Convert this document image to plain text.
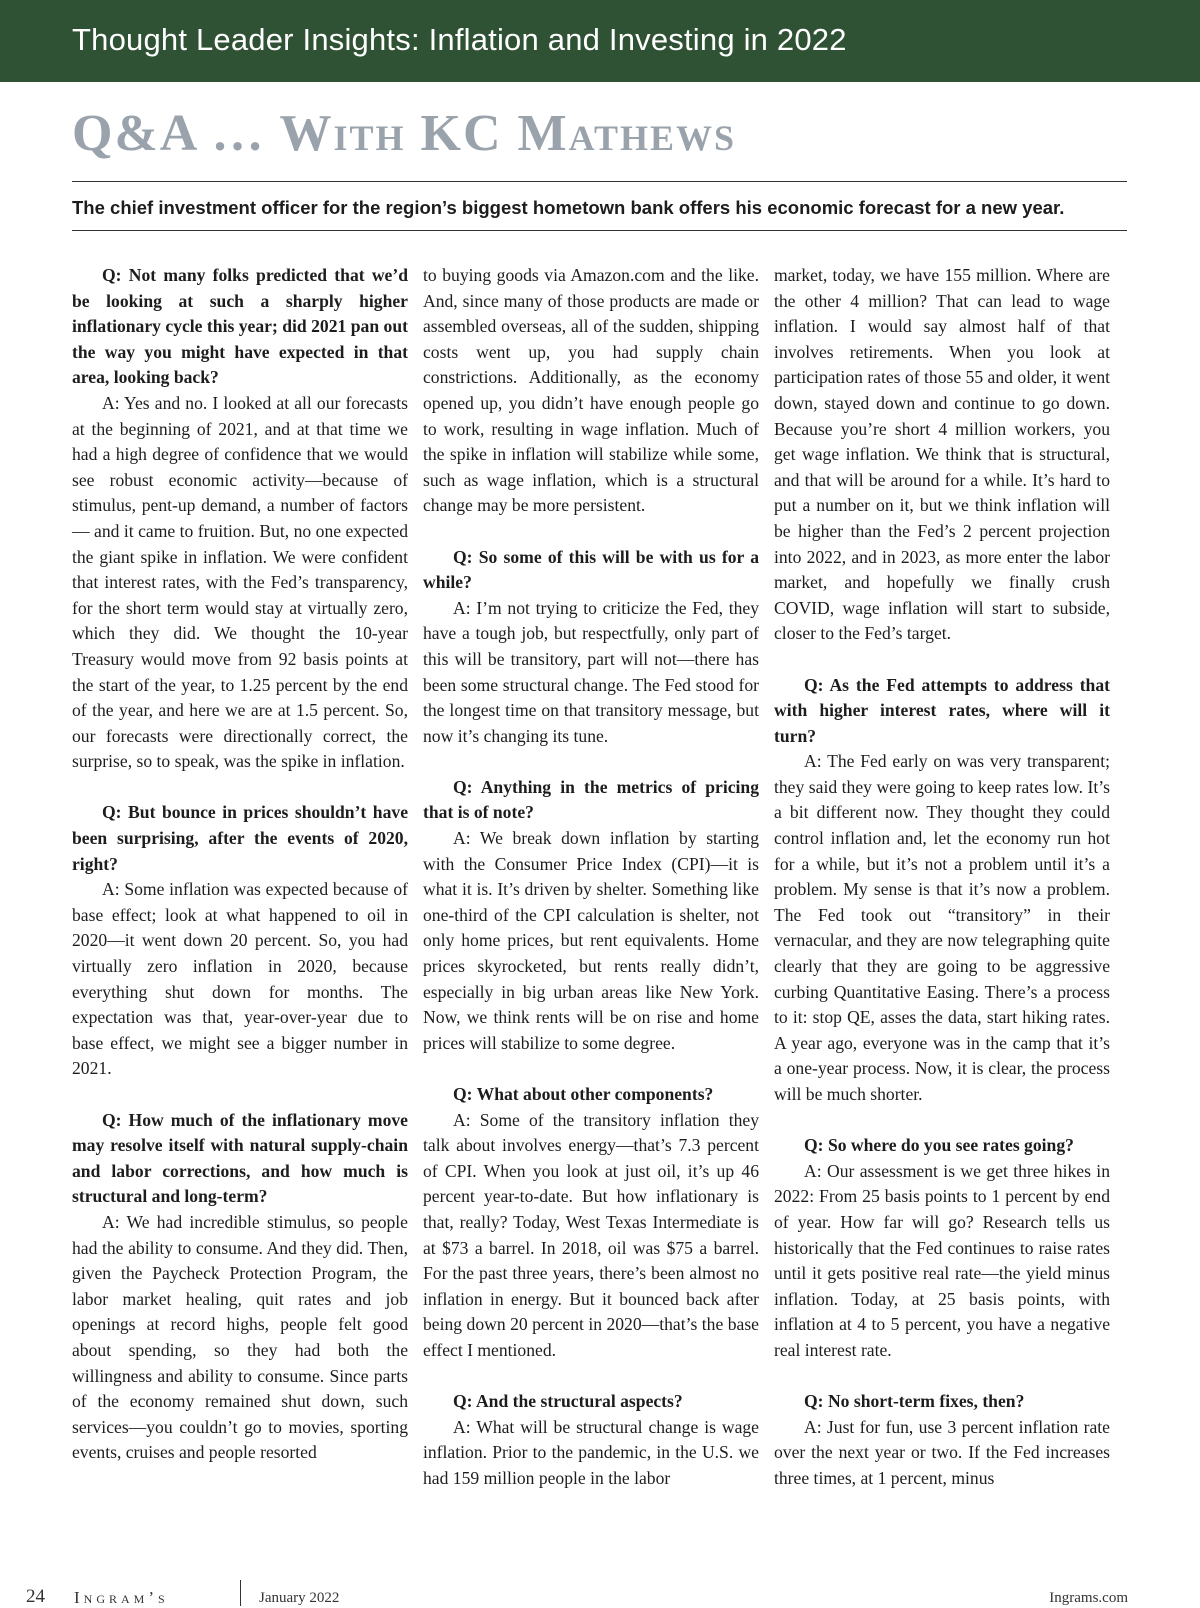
Thought Leader Insights: Inflation and Investing in 2022
Q&A … With KC Mathews
The chief investment officer for the region’s biggest hometown bank offers his economic forecast for a new year.

Q: Not many folks predicted that we’d be looking at such a sharply higher inflationary cycle this year; did 2021 pan out the way you might have expected in that area, looking back?

A: Yes and no. I looked at all our forecasts at the beginning of 2021, and at that time we had a high degree of confidence that we would see robust economic activity—because of stimulus, pent-up demand, a number of factors— and it came to fruition. But, no one expected the giant spike in inflation. We were confident that interest rates, with the Fed’s transparency, for the short term would stay at virtually zero, which they did. We thought the 10-year Treasury would move from 92 basis points at the start of the year, to 1.25 percent by the end of the year, and here we are at 1.5 percent. So, our forecasts were directionally correct, the surprise, so to speak, was the spike in inflation.

Q: But bounce in prices shouldn’t have been surprising, after the events of 2020, right?

A: Some inflation was expected because of base effect; look at what happened to oil in 2020—it went down 20 percent. So, you had virtually zero inflation in 2020, because everything shut down for months. The expectation was that, year-over-year due to base effect, we might see a bigger number in 2021.

Q: How much of the inflationary move may resolve itself with natural supply-chain and labor corrections, and how much is structural and long-term?

A: We had incredible stimulus, so people had the ability to consume. And they did. Then, given the Paycheck Protection Program, the labor market healing, quit rates and job openings at record highs, people felt good about spending, so they had both the willingness and ability to consume. Since parts of the economy remained shut down, such services—you couldn’t go to movies, sporting events, cruises and people resorted

to buying goods via Amazon.com and the like. And, since many of those products are made or assembled overseas, all of the sudden, shipping costs went up, you had supply chain constrictions. Additionally, as the economy opened up, you didn’t have enough people go to work, resulting in wage inflation. Much of the spike in inflation will stabilize while some, such as wage inflation, which is a structural change may be more persistent.

Q: So some of this will be with us for a while?

A: I’m not trying to criticize the Fed, they have a tough job, but respectfully, only part of this will be transitory, part will not—there has been some structural change. The Fed stood for the longest time on that transitory message, but now it’s changing its tune.

Q: Anything in the metrics of pricing that is of note?

A: We break down inflation by starting with the Consumer Price Index (CPI)—it is what it is. It’s driven by shelter. Something like one-third of the CPI calculation is shelter, not only home prices, but rent equivalents. Home prices skyrocketed, but rents really didn’t, especially in big urban areas like New York. Now, we think rents will be on rise and home prices will stabilize to some degree.

Q: What about other components?

A: Some of the transitory inflation they talk about involves energy—that’s 7.3 percent of CPI. When you look at just oil, it’s up 46 percent year-to-date. But how inflationary is that, really? Today, West Texas Intermediate is at $73 a barrel. In 2018, oil was $75 a barrel. For the past three years, there’s been almost no inflation in energy. But it bounced back after being down 20 percent in 2020—that’s the base effect I mentioned.

Q: And the structural aspects?

A: What will be structural change is wage inflation. Prior to the pandemic, in the U.S. we had 159 million people in the labor

market, today, we have 155 million. Where are the other 4 million? That can lead to wage inflation. I would say almost half of that involves retirements. When you look at participation rates of those 55 and older, it went down, stayed down and continue to go down. Because you’re short 4 million workers, you get wage inflation. We think that is structural, and that will be around for a while. It’s hard to put a number on it, but we think inflation will be higher than the Fed’s 2 percent projection into 2022, and in 2023, as more enter the labor market, and hopefully we finally crush COVID, wage inflation will start to subside, closer to the Fed’s target.

Q: As the Fed attempts to address that with higher interest rates, where will it turn?

A: The Fed early on was very transparent; they said they were going to keep rates low. It’s a bit different now. They thought they could control inflation and, let the economy run hot for a while, but it’s not a problem until it’s a problem. My sense is that it’s now a problem. The Fed took out “transitory” in their vernacular, and they are now telegraphing quite clearly that they are going to be aggressive curbing Quantitative Easing. There’s a process to it: stop QE, asses the data, start hiking rates. A year ago, everyone was in the camp that it’s a one-year process. Now, it is clear, the process will be much shorter.

Q: So where do you see rates going?

A: Our assessment is we get three hikes in 2022: From 25 basis points to 1 percent by end of year. How far will go? Research tells us historically that the Fed continues to raise rates until it gets positive real rate—the yield minus inflation. Today, at 25 basis points, with inflation at 4 to 5 percent, you have a negative real interest rate.

Q: No short-term fixes, then?

A: Just for fun, use 3 percent inflation rate over the next year or two. If the Fed increases three times, at 1 percent, minus

24 Ingram’s	January 2022	Ingrams.com
